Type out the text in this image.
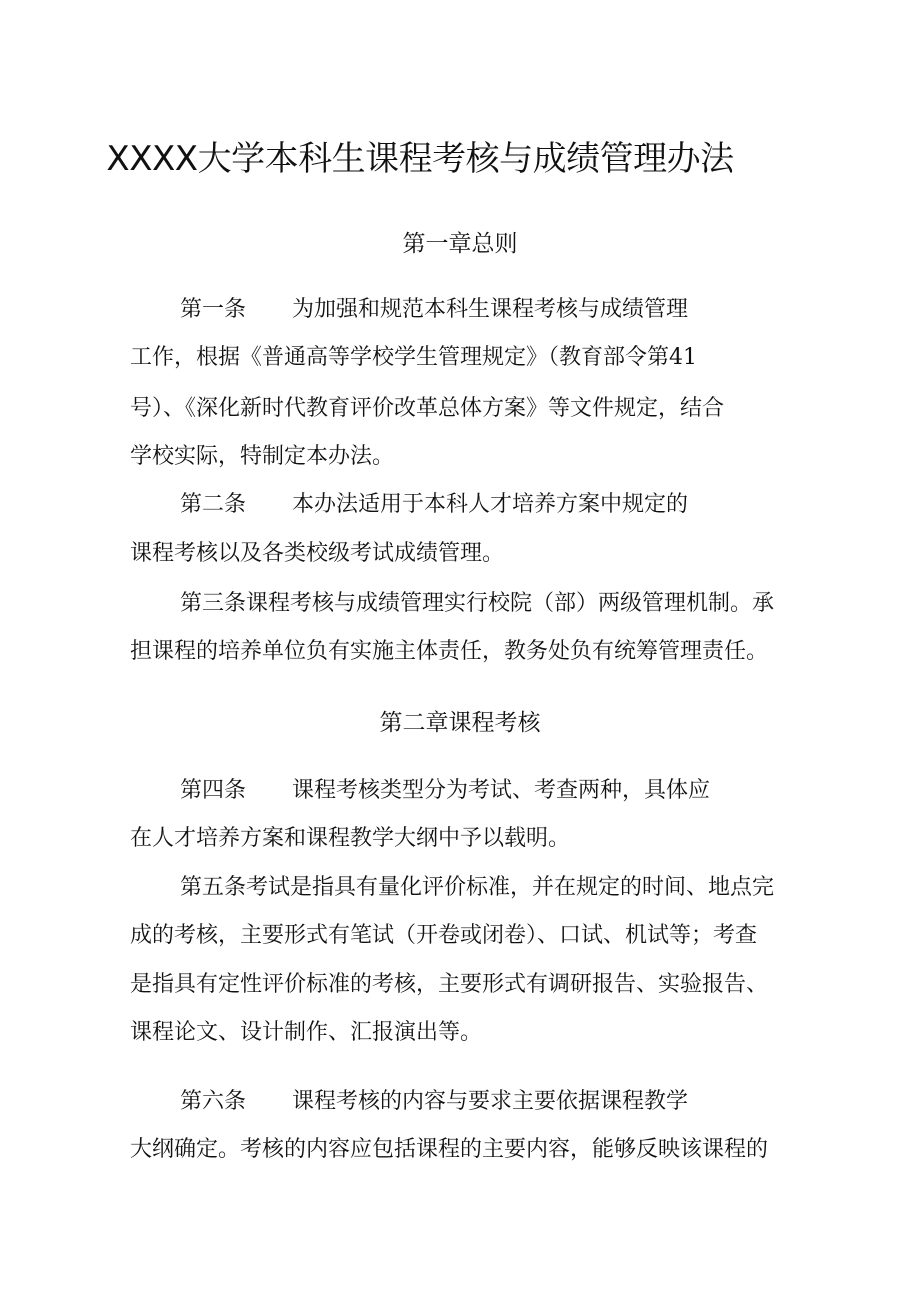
XXXX大学本科生课程考核与成绩管理办法
第一章总则
第一条 为加强和规范本科生课程考核与成绩管理
工作，根据《普通高等学校学生管理规定》（教育部令第41
号）、《深化新时代教育评价改革总体方案》等文件规定，结合
学校实际，特制定本办法。
第二条 本办法适用于本科人才培养方案中规定的
课程考核以及各类校级考试成绩管理。
第三条课程考核与成绩管理实行校院（部）两级管理机制。承
担课程的培养单位负有实施主体责任，教务处负有统筹管理责任。
第二章课程考核
第四条 课程考核类型分为考试、考查两种，具体应
在人才培养方案和课程教学大纲中予以载明。
第五条考试是指具有量化评价标准，并在规定的时间、地点完
成的考核，主要形式有笔试（开卷或闭卷）、口试、机试等；考查
是指具有定性评价标准的考核，主要形式有调研报告、实验报告、
课程论文、设计制作、汇报演出等。
第六条 课程考核的内容与要求主要依据课程教学
大纲确定。考核的内容应包括课程的主要内容，能够反映该课程的
